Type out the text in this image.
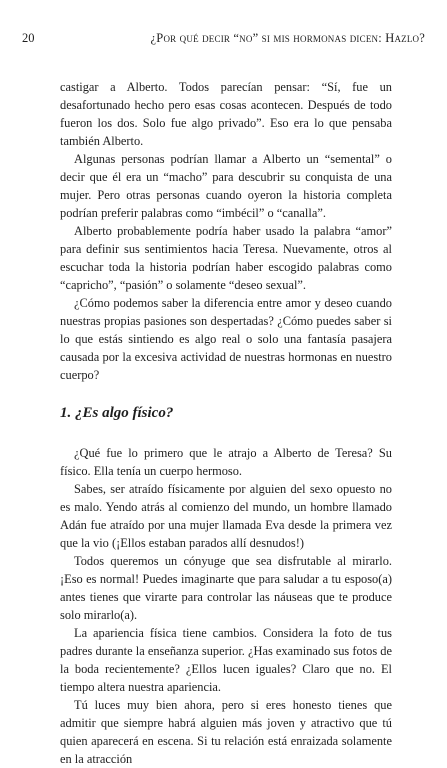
20	¿Por qué decir “no” si mis hormonas dicen: Hazlo?

castigar a Alberto. Todos parecían pensar: “Sí, fue un desafortunado hecho pero esas cosas acontecen. Después de todo fueron los dos. Solo fue algo privado”. Eso era lo que pensaba también Alberto.

Algunas personas podrían llamar a Alberto un “semental” o decir que él era un “macho” para descubrir su conquista de una mujer. Pero otras personas cuando oyeron la historia completa podrían preferir palabras como “imbécil” o “canalla”.

Alberto probablemente podría haber usado la palabra “amor” para definir sus sentimientos hacia Teresa. Nuevamente, otros al escuchar toda la historia podrían haber escogido palabras como “capricho”, “pasión” o solamente “deseo sexual”.

¿Cómo podemos saber la diferencia entre amor y deseo cuando nuestras propias pasiones son despertadas? ¿Cómo puedes saber si lo que estás sintiendo es algo real o solo una fantasía pasajera causada por la excesiva actividad de nuestras hormonas en nuestro cuerpo?

1. ¿Es algo físico?

¿Qué fue lo primero que le atrajo a Alberto de Teresa? Su físico. Ella tenía un cuerpo hermoso.

Sabes, ser atraído físicamente por alguien del sexo opuesto no es malo. Yendo atrás al comienzo del mundo, un hombre llamado Adán fue atraído por una mujer llamada Eva desde la primera vez que la vio (¡Ellos estaban parados allí desnudos!)

Todos queremos un cónyuge que sea disfrutable al mirarlo. ¡Eso es normal! Puedes imaginarte que para saludar a tu esposo(a) antes tienes que virarte para controlar las náuseas que te produce solo mirarlo(a).

La apariencia física tiene cambios. Considera la foto de tus padres durante la enseñanza superior. ¿Has examinado sus fotos de la boda recientemente? ¿Ellos lucen iguales? Claro que no. El tiempo altera nuestra apariencia.

Tú luces muy bien ahora, pero si eres honesto tienes que admitir que siempre habrá alguien más joven y atractivo que tú quien aparecerá en escena. Si tu relación está enraizada solamente en la atracción
